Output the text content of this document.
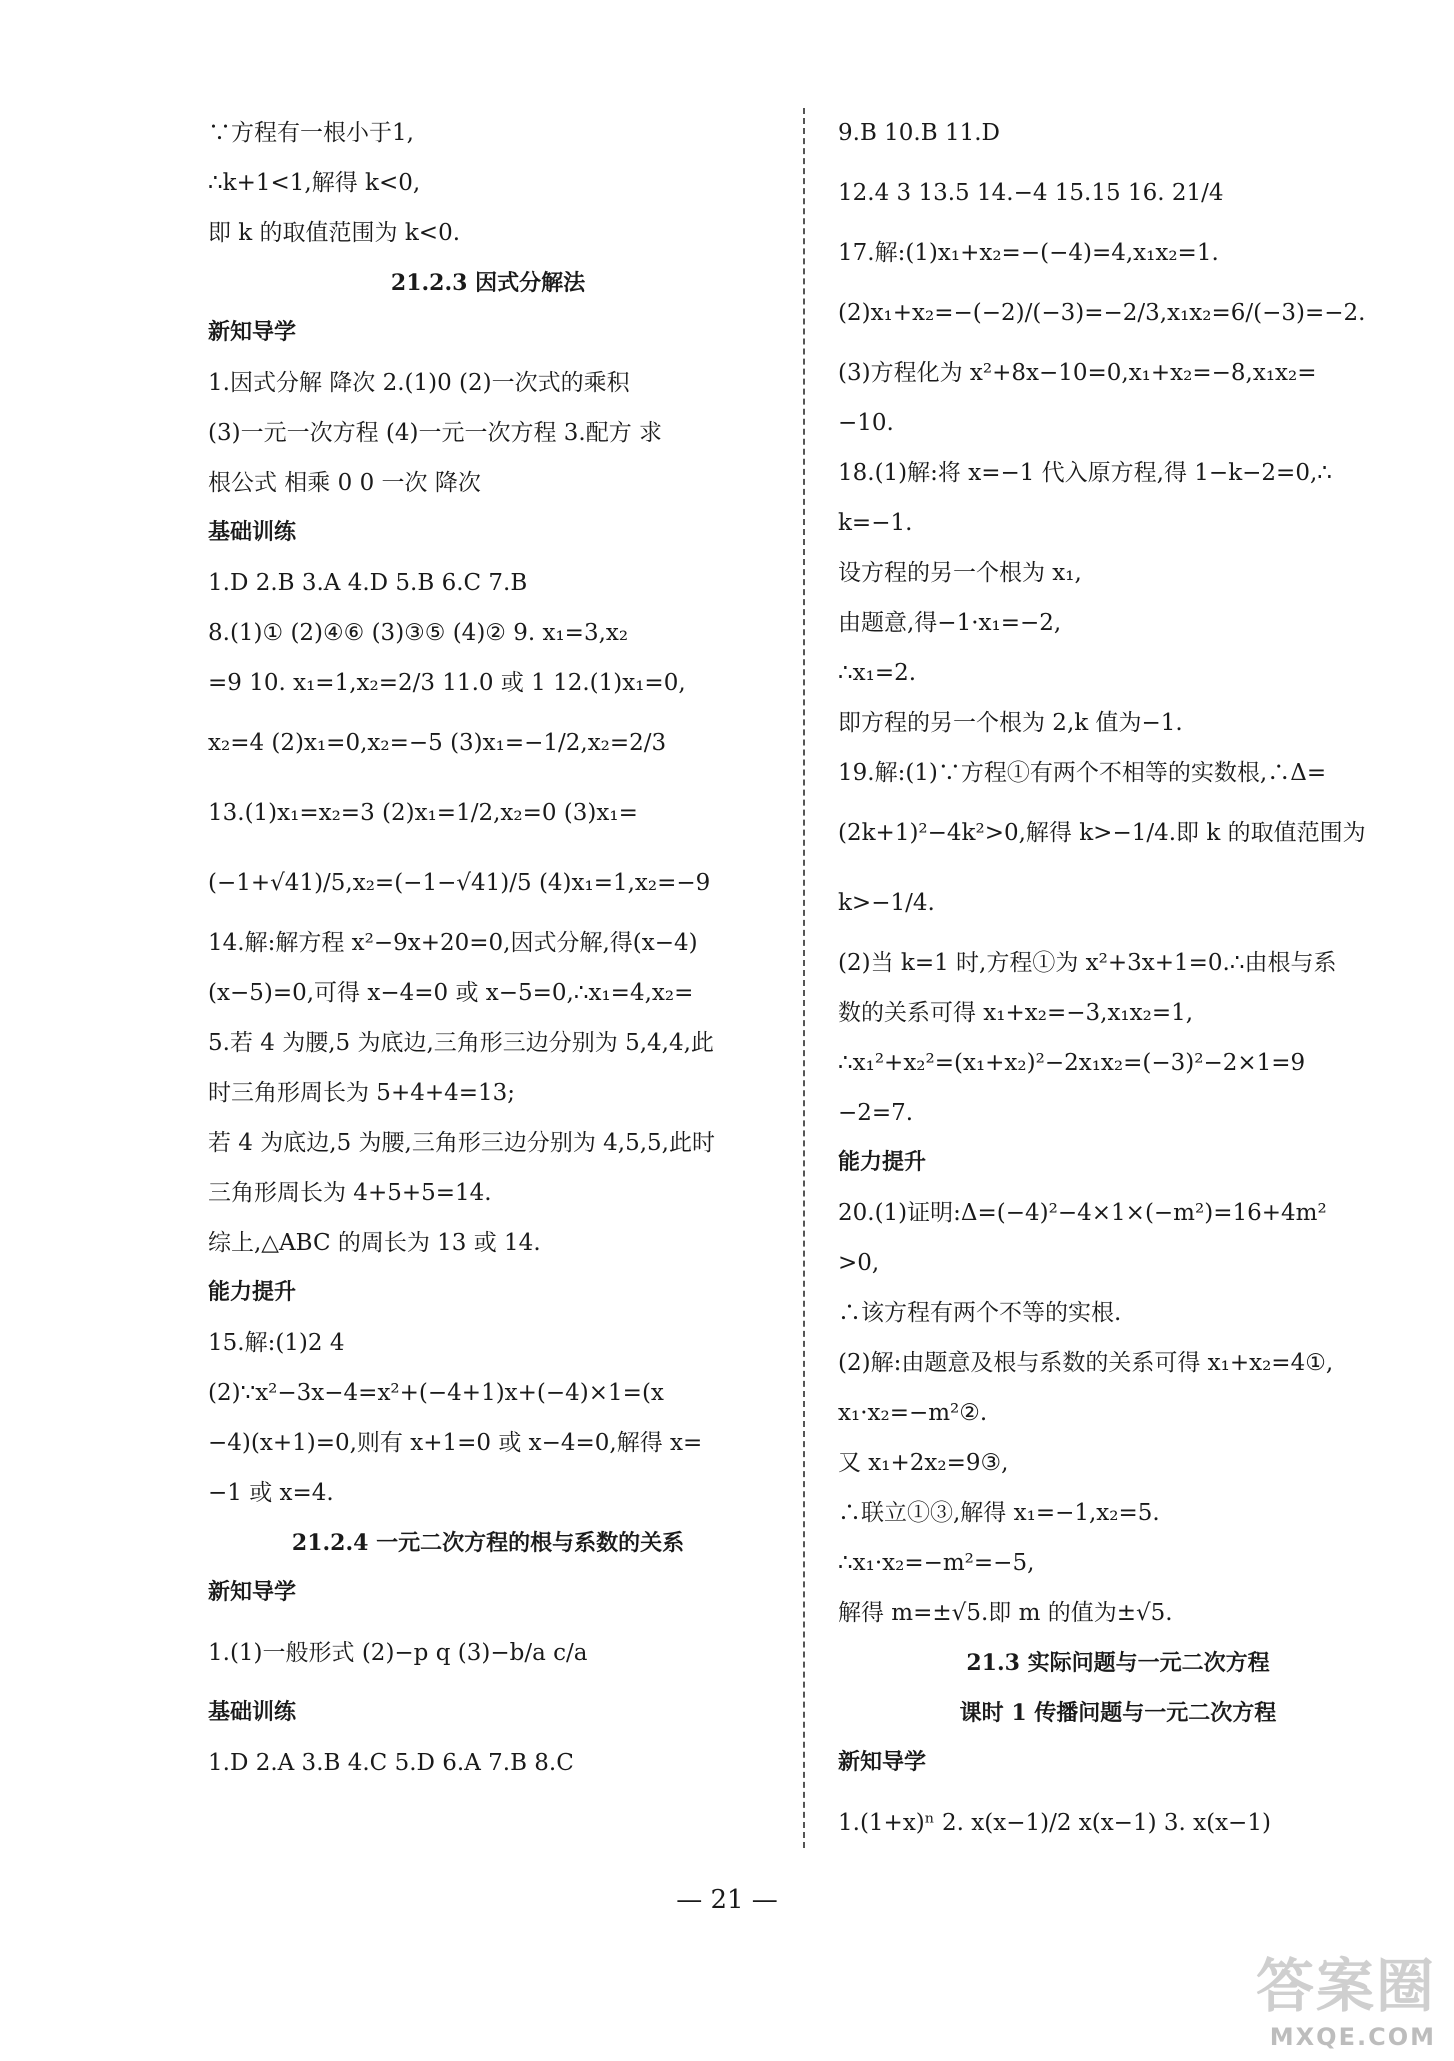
∵方程有一根小于1,
∴k+1<1,解得 k<0,
即 k 的取值范围为 k<0.
21.2.3 因式分解法
新知导学
1.因式分解 降次 2.(1)0 (2)一次式的乘积
(3)一元一次方程 (4)一元一次方程 3.配方 求
根公式 相乘 0 0 一次 降次
基础训练
1.D 2.B 3.A 4.D 5.B 6.C 7.B
8.(1)① (2)④⑥ (3)③⑤ (4)② 9. x₁=3,x₂
=9 10. x₁=1,x₂=2/3 11.0 或 1 12.(1)x₁=0,
x₂=4 (2)x₁=0,x₂=−5 (3)x₁=−1/2,x₂=2/3
13.(1)x₁=x₂=3 (2)x₁=1/2,x₂=0 (3)x₁=
(−1+√41)/5,x₂=(−1−√41)/5 (4)x₁=1,x₂=−9
14.解:解方程 x²−9x+20=0,因式分解,得(x−4)
(x−5)=0,可得 x−4=0 或 x−5=0,∴x₁=4,x₂=
5.若 4 为腰,5 为底边,三角形三边分别为 5,4,4,此
时三角形周长为 5+4+4=13;
若 4 为底边,5 为腰,三角形三边分别为 4,5,5,此时
三角形周长为 4+5+5=14.
综上,△ABC 的周长为 13 或 14.
能力提升
15.解:(1)2 4
(2)∵x²−3x−4=x²+(−4+1)x+(−4)×1=(x
−4)(x+1)=0,则有 x+1=0 或 x−4=0,解得 x=
−1 或 x=4.
21.2.4 一元二次方程的根与系数的关系
新知导学
1.(1)一般形式 (2)−p q (3)−b/a c/a
基础训练
1.D 2.A 3.B 4.C 5.D 6.A 7.B 8.C
9.B 10.B 11.D
12.4 3 13.5 14.−4 15.15 16. 21/4
17.解:(1)x₁+x₂=−(−4)=4,x₁x₂=1.
(2)x₁+x₂=−(−2)/(−3)=−2/3,x₁x₂=6/(−3)=−2.
(3)方程化为 x²+8x−10=0,x₁+x₂=−8,x₁x₂=
−10.
18.(1)解:将 x=−1 代入原方程,得 1−k−2=0,∴
k=−1.
设方程的另一个根为 x₁,
由题意,得−1·x₁=−2,
∴x₁=2.
即方程的另一个根为 2,k 值为−1.
19.解:(1)∵方程①有两个不相等的实数根,∴Δ=
(2k+1)²−4k²>0,解得 k>−1/4.即 k 的取值范围为
k>−1/4.
(2)当 k=1 时,方程①为 x²+3x+1=0.∴由根与系
数的关系可得 x₁+x₂=−3,x₁x₂=1,
∴x₁²+x₂²=(x₁+x₂)²−2x₁x₂=(−3)²−2×1=9
−2=7.
能力提升
20.(1)证明:Δ=(−4)²−4×1×(−m²)=16+4m²
>0,
∴该方程有两个不等的实根.
(2)解:由题意及根与系数的关系可得 x₁+x₂=4①,
x₁·x₂=−m²②.
又 x₁+2x₂=9③,
∴联立①③,解得 x₁=−1,x₂=5.
∴x₁·x₂=−m²=−5,
解得 m=±√5.即 m 的值为±√5.
21.3 实际问题与一元二次方程
课时 1 传播问题与一元二次方程
新知导学
1.(1+x)ⁿ 2. x(x−1)/2 x(x−1) 3. x(x−1)
— 21 —
答案圈
MXQE.COM
